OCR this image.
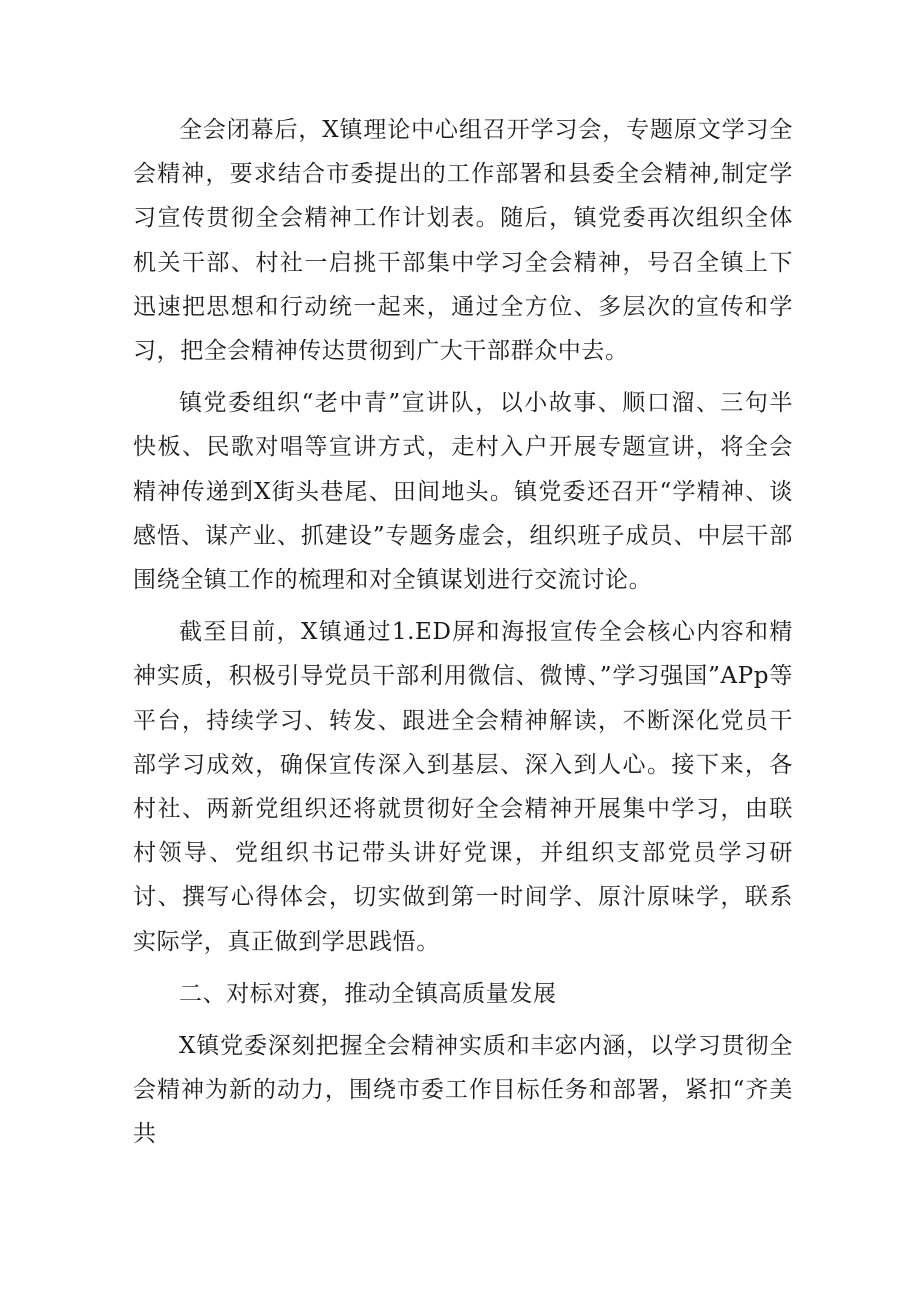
全会闭幕后，X镇理论中心组召开学习会，专题原文学习全会精神，要求结合市委提出的工作部署和县委全会精神,制定学习宣传贯彻全会精神工作计划表。随后，镇党委再次组织全体机关干部、村社一启挑干部集中学习全会精神，号召全镇上下迅速把思想和行动统一起来，通过全方位、多层次的宣传和学习，把全会精神传达贯彻到广大干部群众中去。

镇党委组织“老中青”宣讲队，以小故事、顺口溜、三句半快板、民歌对唱等宣讲方式，走村入户开展专题宣讲，将全会精神传递到X街头巷尾、田间地头。镇党委还召开“学精神、谈感悟、谋产业、抓建设”专题务虚会，组织班子成员、中层干部围绕全镇工作的梳理和对全镇谋划进行交流讨论。

截至目前，X镇通过1.ED屏和海报宣传全会核心内容和精神实质，积极引导党员干部利用微信、微博、”学习强国”APp等平台，持续学习、转发、跟进全会精神解读，不断深化党员干部学习成效，确保宣传深入到基层、深入到人心。接下来，各村社、两新党组织还将就贯彻好全会精神开展集中学习，由联村领导、党组织书记带头讲好党课，并组织支部党员学习研讨、撰写心得体会，切实做到第一时间学、原汁原味学，联系实际学，真正做到学思践悟。

二、对标对赛，推动全镇高质量发展

X镇党委深刻把握全会精神实质和丰宓内涵，以学习贯彻全会精神为新的动力，围绕市委工作目标任务和部署，紧扣“齐美共
